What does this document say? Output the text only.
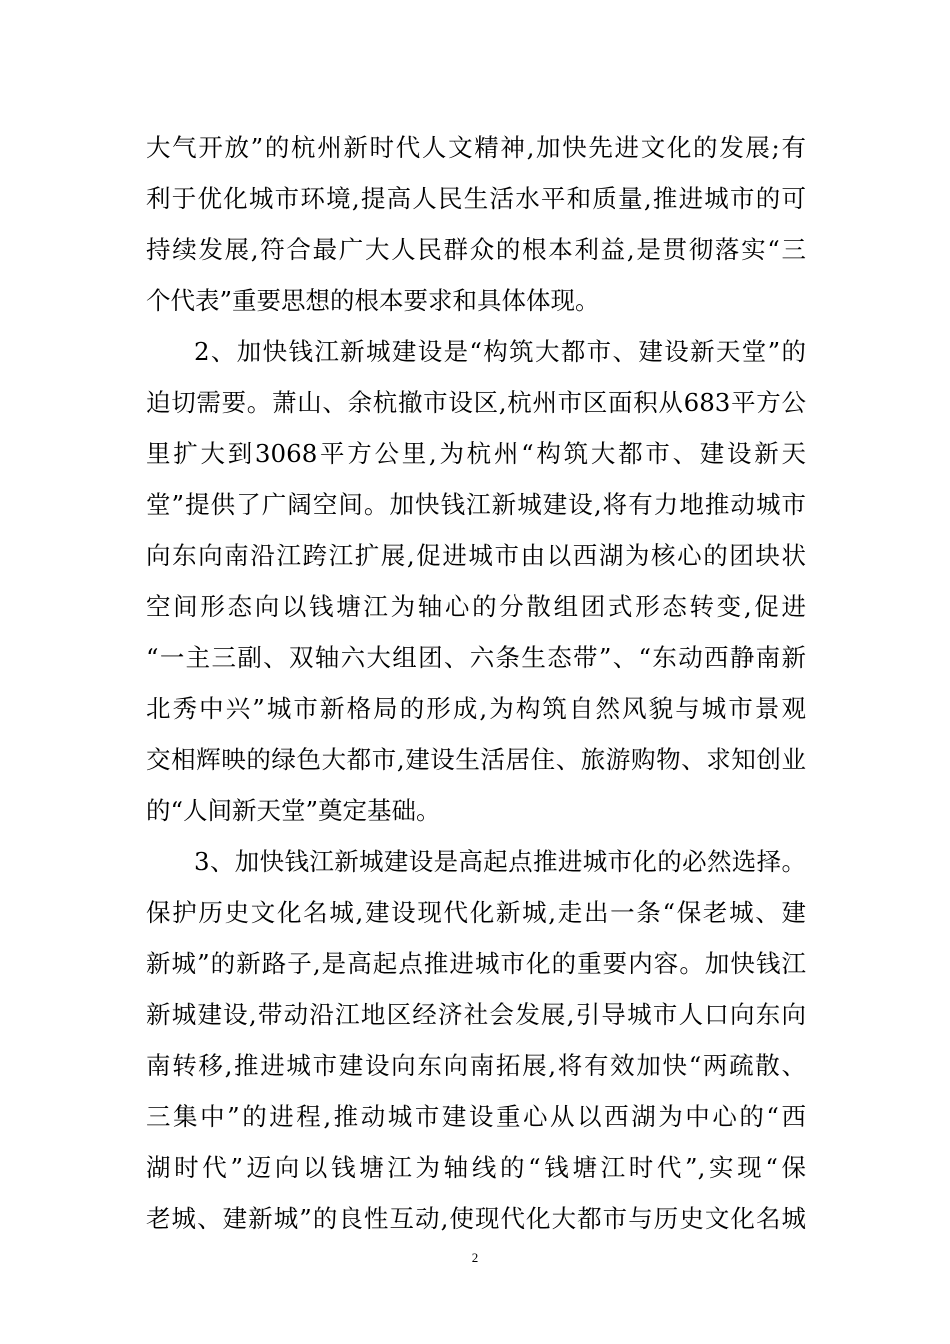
大气开放”的杭州新时代人文精神,加快先进文化的发展;有
利于优化城市环境,提高人民生活水平和质量,推进城市的可
持续发展,符合最广大人民群众的根本利益,是贯彻落实“三
个代表”重要思想的根本要求和具体体现。
2、加快钱江新城建设是“构筑大都市、建设新天堂”的
迫切需要。萧山、余杭撤市设区,杭州市区面积从683平方公
里扩大到3068平方公里,为杭州“构筑大都市、建设新天
堂”提供了广阔空间。加快钱江新城建设,将有力地推动城市
向东向南沿江跨江扩展,促进城市由以西湖为核心的团块状
空间形态向以钱塘江为轴心的分散组团式形态转变,促进
“一主三副、双轴六大组团、六条生态带”、“东动西静南新
北秀中兴”城市新格局的形成,为构筑自然风貌与城市景观
交相辉映的绿色大都市,建设生活居住、旅游购物、求知创业
的“人间新天堂”奠定基础。
3、加快钱江新城建设是高起点推进城市化的必然选择。
保护历史文化名城,建设现代化新城,走出一条“保老城、建
新城”的新路子,是高起点推进城市化的重要内容。加快钱江
新城建设,带动沿江地区经济社会发展,引导城市人口向东向
南转移,推进城市建设向东向南拓展,将有效加快“两疏散、
三集中”的进程,推动城市建设重心从以西湖为中心的“西
湖时代”迈向以钱塘江为轴线的“钱塘江时代”,实现“保
老城、建新城”的良性互动,使现代化大都市与历史文化名城
2
